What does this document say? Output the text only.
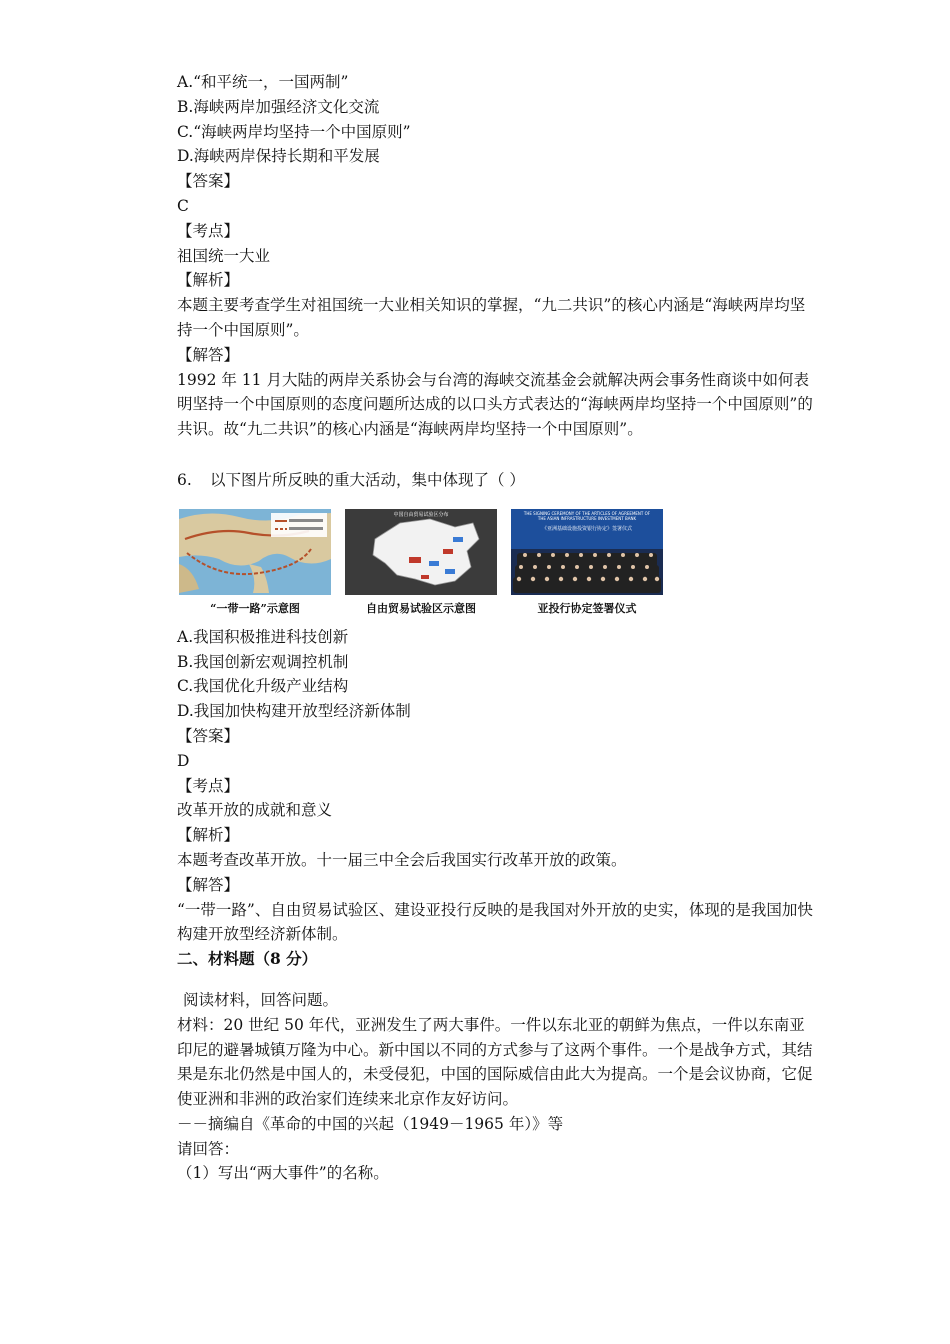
A.“和平统一，一国两制”
B.海峡两岸加强经济文化交流
C.“海峡两岸均坚持一个中国原则”
D.海峡两岸保持长期和平发展
【答案】
C
【考点】
祖国统一大业
【解析】
本题主要考查学生对祖国统一大业相关知识的掌握，“九二共识”的核心内涵是“海峡两岸均坚持一个中国原则”。
【解答】
1992 年 11 月大陆的两岸关系协会与台湾的海峡交流基金会就解决两会事务性商谈中如何表明坚持一个中国原则的态度问题所达成的以口头方式表达的“海峡两岸均坚持一个中国原则”的共识。故“九二共识”的核心内涵是“海峡两岸均坚持一个中国原则”。
6. 以下图片所反映的重大活动，集中体现了（ ）
“一带一路”示意图
中国自由贸易试验区分布
自由贸易试验区示意图
THE SIGNING CEREMONY OF THE ARTICLES OF AGREEMENT OF THE ASIAN INFRASTRUCTURE INVESTMENT BANK
《亚洲基础设施投资银行协定》签署仪式
亚投行协定签署仪式
A.我国积极推进科技创新
B.我国创新宏观调控机制
C.我国优化升级产业结构
D.我国加快构建开放型经济新体制
【答案】
D
【考点】
改革开放的成就和意义
【解析】
本题考查改革开放。十一届三中全会后我国实行改革开放的政策。
【解答】
“一带一路”、自由贸易试验区、建设亚投行反映的是我国对外开放的史实，体现的是我国加快构建开放型经济新体制。
二、材料题（8 分）
阅读材料，回答问题。
材料：20 世纪 50 年代，亚洲发生了两大事件。一件以东北亚的朝鲜为焦点，一件以东南亚印尼的避暑城镇万隆为中心。新中国以不同的方式参与了这两个事件。一个是战争方式，其结果是东北仍然是中国人的，未受侵犯，中国的国际威信由此大为提高。一个是会议协商，它促使亚洲和非洲的政治家们连续来北京作友好访问。
－－摘编自《革命的中国的兴起（1949－1965 年）》等
请回答：
（1）写出“两大事件”的名称。
